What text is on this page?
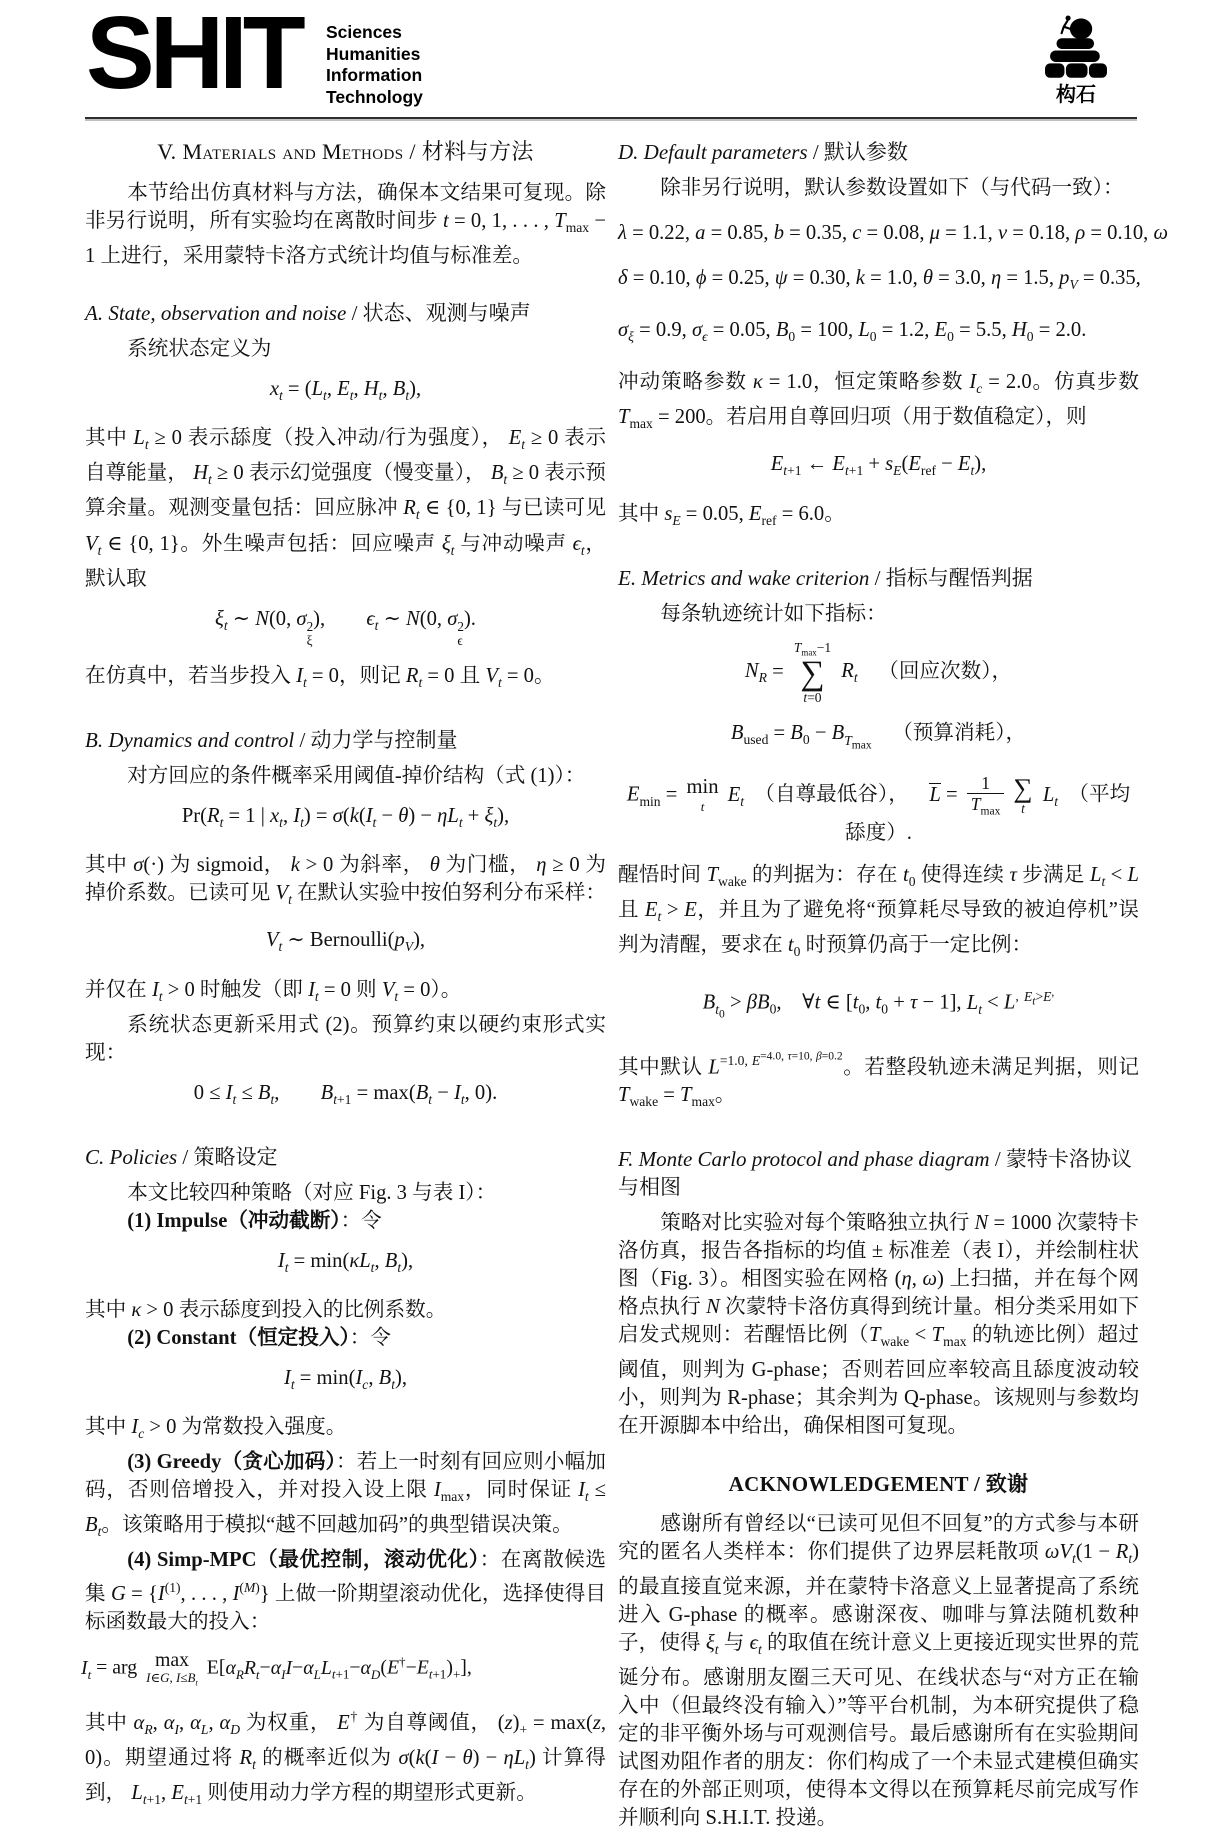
SHIT Sciences
Humanities
Information
Technology	构石
V. Materials and Methods / 材料与方法
本节给出仿真材料与方法，确保本文结果可复现。除非另行说明，所有实验均在离散时间步 t = 0, 1, . . . , $T_{max} - 1$ 上进行，采用蒙特卡洛方式统计均值与标准差。
A. State, observation and noise / 状态、观测与噪声
系统状态定义为
$x_t = (L_t$, $E_t$, $H_t$, $B_t$),
其中 $L_t \ge 0$ 表示舔度（投入冲动/行为强度）， $E_t \ge 0$ 表示自尊能量， $H_t \ge 0$ 表示幻觉强度（慢变量）， $B_t \ge 0$ 表示预算余量。观测变量包括：回应脉冲 $R_t$ ∈ {0, 1} 与已读可见 $V_t$ ∈ {0, 1}。外生噪声包括：回应噪声 $\xi_t$ 与冲动噪声 $\epsilon_t$，默认取
$\xi_t$ ∼ N(0, σ 2
ξ
),  $\epsilon_t$ ∼ N(0, σ 2
ϵ
).
在仿真中，若当步投入 $I_t = 0$，则记 $R_t = 0$ 且 $V_t = 0$。
B. Dynamics and control / 动力学与控制量
对方回应的条件概率采用阈值-掉价结构（式 (1)）：
$Pr(R_t = 1$ | $x_t$, $I_t) = \sigma(k(I_t - \theta) - \eta L_t + \xi_t)$,
其中 σ(·) 为 sigmoid， k > 0 为斜率， θ 为门槛， η ≥ 0 为掉价系数。已读可见 $V_t$ 在默认实验中按伯努利分布采样：
$V_t$ ∼ $Bernoulli(p_V)$,
并仅在 $I_t > 0$ 时触发（即 $I_t = 0$ 则 $V_t = 0$）。
系统状态更新采用式 (2)。预算约束以硬约束形式实现：
$0 \le I_t \le B_t$,  $B_{t+1} = \max(B_t - I_t$, 0).
C. Policies / 策略设定
本文比较四种策略（对应 Fig. 3 与表 I）：
(1) Impulse（冲动截断）：令
$I_t = \min(\kappa L_t$, $B_t$),
其中 κ > 0 表示舔度到投入的比例系数。
(2) Constant（恒定投入）：令
$I_t = \min(I_c$, $B_t$),
其中 $I_c > 0$ 为常数投入强度。
(3) Greedy（贪心加码）：若上一时刻有回应则小幅加码，否则倍增投入，并对投入设上限 $I_{max}$，同时保证 $I_t \le B_t$。该策略用于模拟“越不回越加码”的典型错误决策。
(4) Simp-MPC（最优控制，滚动优化）：在离散候选集 $G = \{I^{(1)}$, . . . , $I^{(M)}$} 上做一阶期望滚动优化，选择使得目标函数最大的投入：
$I_t$ = arg max
I∈G, $I\le B_t$
$E[\alpha_RR_t-\alpha_II-\alpha_LL_{t+1}-\alpha_D(E^\dagger-E_{t+1})_+]$,
其中 $\alpha_R$, $\alpha_I$, $\alpha_L$, $\alpha_D$ 为权重， E† 为自尊阈值， $(z)_+ = \max(z$, 0)。期望通过将 $R_t$ 的概率近似为 $\sigma(k(I - \theta) - \eta L_t)$ 计算得到， $L_{t+1}$, $E_{t+1}$ 则使用动力学方程的期望形式更新。
D. Default parameters / 默认参数
除非另行说明，默认参数设置如下（与代码一致）：
λ = 0.22, a = 0.85, b = 0.35, c = 0.08, μ = 1.1, ν = 0.18, ρ = 0.10, ω
δ = 0.10, ϕ = 0.25, ψ = 0.30, k = 1.0, θ = 3.0, η = 1.5, $p_V = 0.35$,
$\sigma_\xi = 0.9$, $\sigma_\epsilon = 0.05$, $B_0 = 100$, $L_0 = 1.2$, $E_0 = 5.5$, $H_0 = 2.0$.
冲动策略参数 κ = 1.0，恒定策略参数 $I_c = 2.0$。仿真步数 $T_{max} = 200$。若启用自尊回归项（用于数值稳定），则
$E_{t+1}$ ← $E_{t+1} + s_E(E_{ref} - E_t)$,
其中 $s_E = 0.05$, $E_{ref} = 6.0$。
E. Metrics and wake criterion / 指标与醒悟判据
每条轨迹统计如下指标：
$N_R$ =
$T_{max}-1$
∑
t=0
$R_t$ （回应次数），
$B_{used} = B_0 - B_{T_{max}}$ （预算消耗），
$E_{min} = \min$
t
$E_t$ （自尊最低谷）， $L = \frac{1}{T_{max}}$ ∑
t
$L_t$ （平均舔度）.
醒悟时间 $T_{wake}$ 的判据为：存在 $t_0$ 使得连续 τ 步满足 $L_t < L$ 且 $E_t > E$，并且为了避免将“预算耗尽导致的被迫停机”误判为清醒，要求在 $t_0$ 时预算仍高于一定比例：
$B_{t_0} > \beta B_0$, ∀t ∈ [$t_0$, $t_0 + \tau - 1$], $L_t < L^,$ $^{E_t>E^,}$
其中默认 $L^{=1.0, E^{=4.0, \tau=10, \beta=0.2}}$。若整段轨迹未满足判据，则记 $T_{wake} = T_{max}$。
F. Monte Carlo protocol and phase diagram / 蒙特卡洛协议与相图
策略对比实验对每个策略独立执行 N = 1000 次蒙特卡洛仿真，报告各指标的均值 ± 标准差（表 I），并绘制柱状图（Fig. 3）。相图实验在网格 (η, ω) 上扫描，并在每个网格点执行 N 次蒙特卡洛仿真得到统计量。相分类采用如下启发式规则：若醒悟比例（$T_{wake} < T_{max}$ 的轨迹比例）超过阈值，则判为 G-phase；否则若回应率较高且舔度波动较小，则判为 R-phase；其余判为 Q-phase。该规则与参数均在开源脚本中给出，确保相图可复现。
ACKNOWLEDGEMENT / 致谢
感谢所有曾经以“已读可见但不回复”的方式参与本研究的匿名人类样本：你们提供了边界层耗散项 $\omega V_t(1 - R_t)$ 的最直接直觉来源，并在蒙特卡洛意义上显著提高了系统进入 G-phase 的概率。感谢深夜、咖啡与算法随机数种子，使得 $\xi_t$ 与 $\epsilon_t$ 的取值在统计意义上更接近现实世界的荒诞分布。感谢朋友圈三天可见、在线状态与“对方正在输入中（但最终没有输入）”等平台机制，为本研究提供了稳定的非平衡外场与可观测信号。最后感谢所有在实验期间试图劝阻作者的朋友：你们构成了一个未显式建模但确实存在的外部正则项，使得本文得以在预算耗尽前完成写作并顺利向 S.H.I.T. 投递。
